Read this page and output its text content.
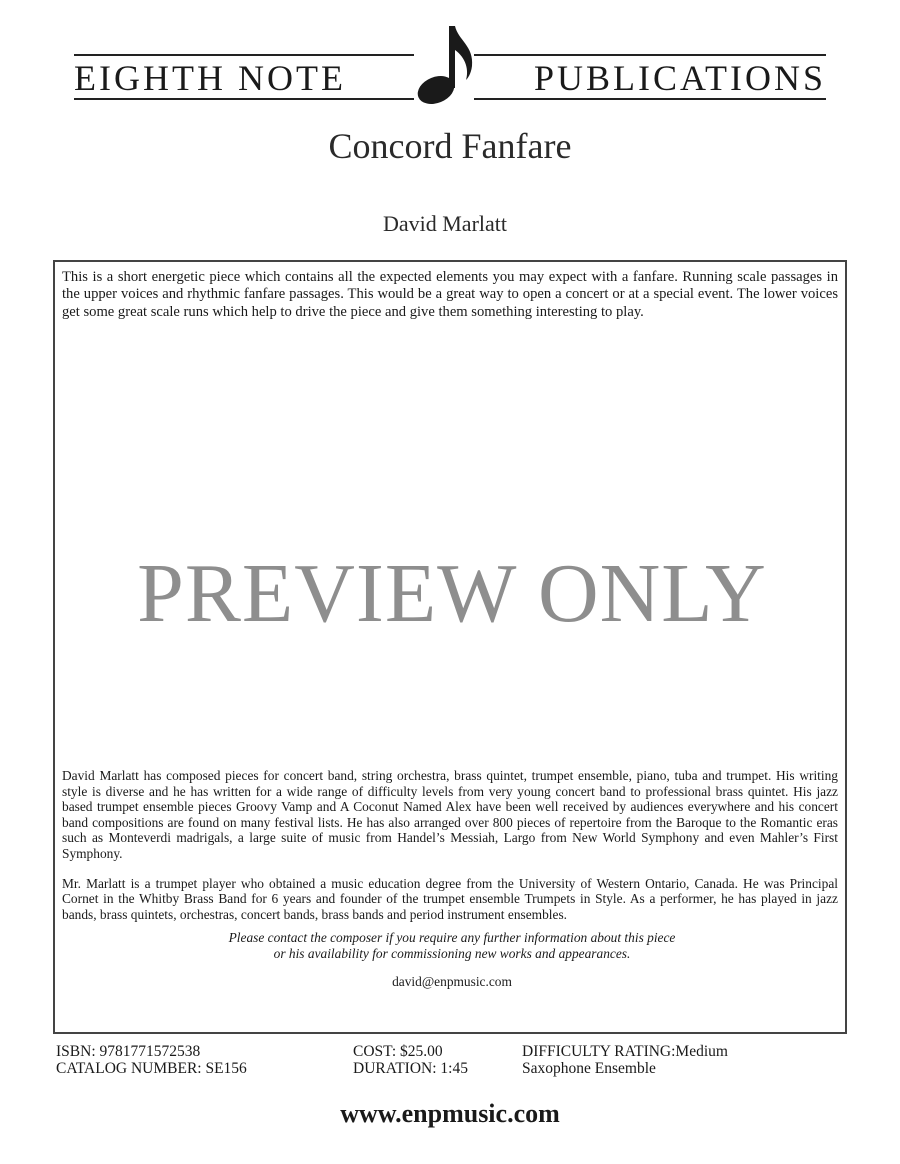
EIGHTH NOTE	PUBLICATIONS
Concord Fanfare
David Marlatt

This is a short energetic piece which contains all the expected elements you may expect with a fanfare. Running scale passages in the upper voices and rhythmic fanfare passages. This would be a great way to open a concert or at a special event. The lower voices get some great scale runs which help to drive the piece and give them something interesting to play.

PREVIEW ONLY

David Marlatt has composed pieces for concert band, string orchestra, brass quintet, trumpet ensemble, piano, tuba and trumpet. His writing style is diverse and he has written for a wide range of difficulty levels from very young concert band to professional brass quintet. His jazz based trumpet ensemble pieces Groovy Vamp and A Coconut Named Alex have been well received by audiences everywhere and his concert band compositions are found on many festival lists. He has also arranged over 800 pieces of repertoire from the Baroque to the Romantic eras such as Monteverdi madrigals, a large suite of music from Handel’s Messiah, Largo from New World Symphony and even Mahler’s First Symphony.

Mr. Marlatt is a trumpet player who obtained a music education degree from the University of Western Ontario, Canada. He was Principal Cornet in the Whitby Brass Band for 6 years and founder of the trumpet ensemble Trumpets in Style. As a performer, he has played in jazz bands, brass quintets, orchestras, concert bands, brass bands and period instrument ensembles.

Please contact the composer if you require any further information about this piece
or his availability for commissioning new works and appearances.
david@enpmusic.com
ISBN: 9781771572538
CATALOG NUMBER: SE156
COST: $25.00
DURATION: 1:45
DIFFICULTY RATING:Medium
Saxophone Ensemble
www.enpmusic.com
